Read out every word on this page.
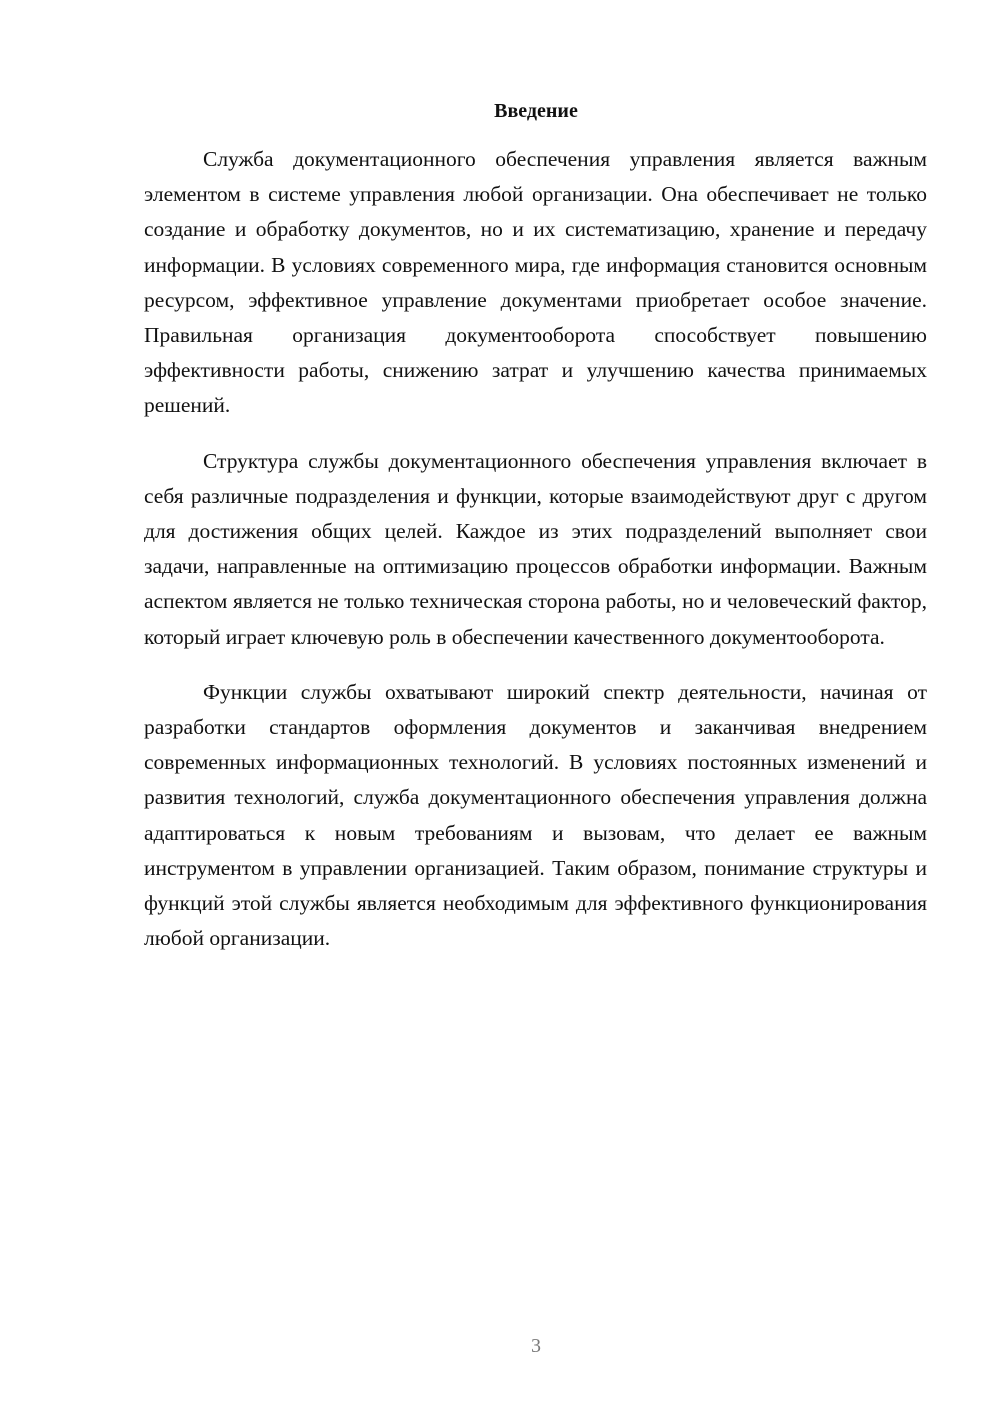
Введение

Служба документационного обеспечения управления является важным элементом в системе управления любой организации. Она обеспечивает не только создание и обработку документов, но и их систематизацию, хранение и передачу информации. В условиях современного мира, где информация становится основным ресурсом, эффективное управление документами приобретает особое значение. Правильная организация документооборота способствует повышению эффективности работы, снижению затрат и улучшению качества принимаемых решений.

Структура службы документационного обеспечения управления включает в себя различные подразделения и функции, которые взаимодействуют друг с другом для достижения общих целей. Каждое из этих подразделений выполняет свои задачи, направленные на оптимизацию процессов обработки информации. Важным аспектом является не только техническая сторона работы, но и человеческий фактор, который играет ключевую роль в обеспечении качественного документооборота.

Функции службы охватывают широкий спектр деятельности, начиная от разработки стандартов оформления документов и заканчивая внедрением современных информационных технологий. В условиях постоянных изменений и развития технологий, служба документационного обеспечения управления должна адаптироваться к новым требованиям и вызовам, что делает ее важным инструментом в управлении организацией. Таким образом, понимание структуры и функций этой службы является необходимым для эффективного функционирования любой организации.

3
